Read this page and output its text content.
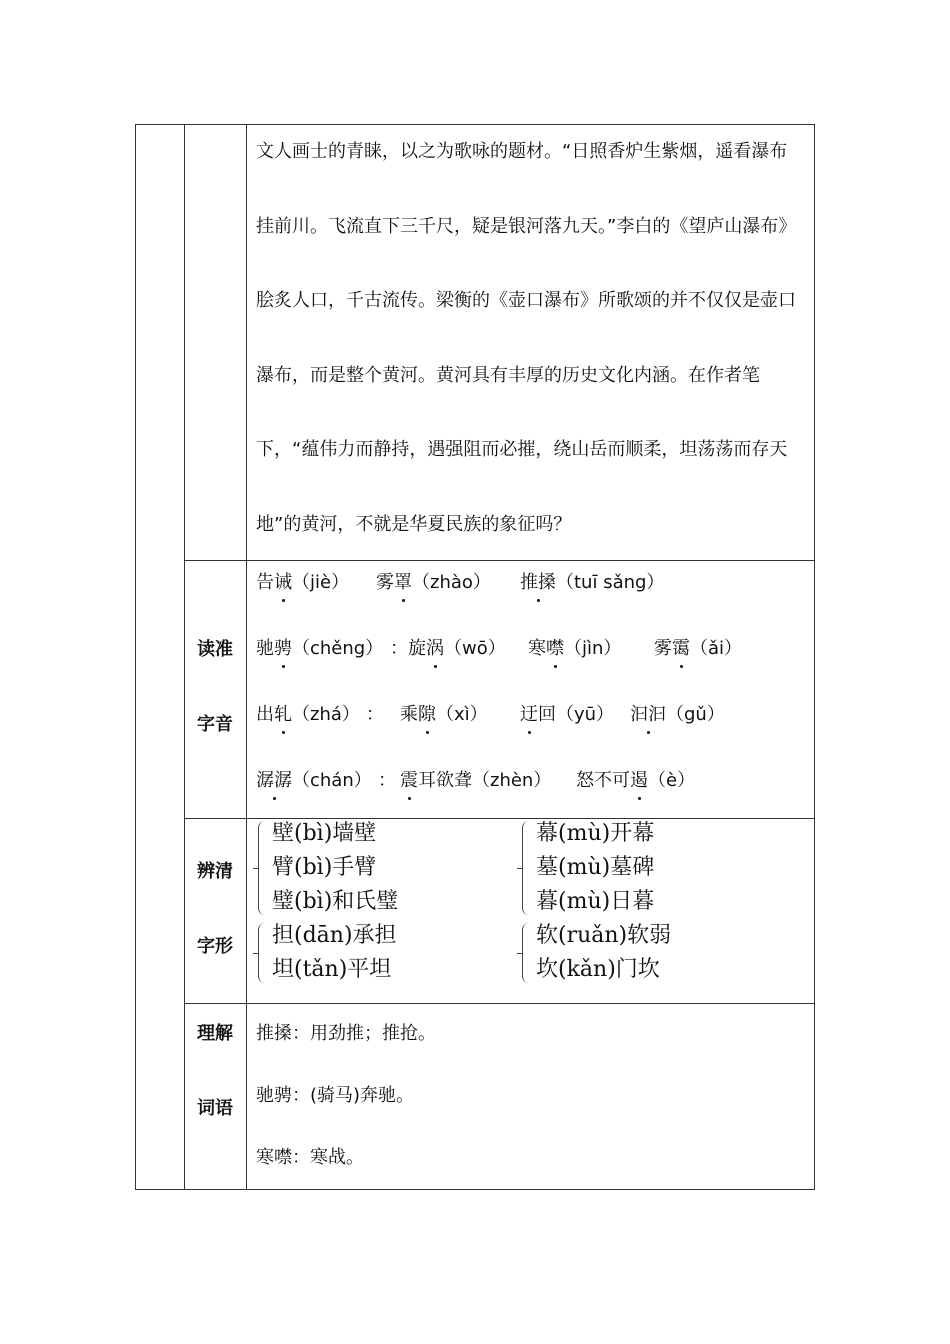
文人画士的青睐，以之为歌咏的题材。“日照香炉生紫烟，遥看瀑布挂前川。飞流直下三千尺，疑是银河落九天。”李白的《望庐山瀑布》脍炙人口，千古流传。梁衡的《壶口瀑布》所歌颂的并不仅仅是壶口瀑布，而是整个黄河。黄河具有丰厚的历史文化内涵。在作者笔下，“蕴伟力而静持，遇强阻而必摧，绕山岳而顺柔，坦荡荡而存天地”的黄河，不就是华夏民族的象征吗？

读准
字音
告诫（jiè） 雾罩（zhào） 推搡（tuī sǎng）
驰骋（chěng） ： 旋涡（wō） 寒噤（jìn） 雾霭（ǎi）
出轧（zhá） ： 乘隙（xì） 迂回（yū） 汩汩（gǔ）
潺潺（chán） ： 震耳欲聋（zhèn） 怒不可遏（è）
辨清
字形
壁(bì)墙壁
臂(bì)手臂
璧(bì)和氏璧
幕(mù)开幕
墓(mù)墓碑
暮(mù)日暮
担(dān)承担
坦(tǎn)平坦
软(ruǎn)软弱
坎(kǎn)门坎
理解
词语
推搡：用劲推；推抢。
驰骋：(骑马)奔驰。
寒噤：寒战。
